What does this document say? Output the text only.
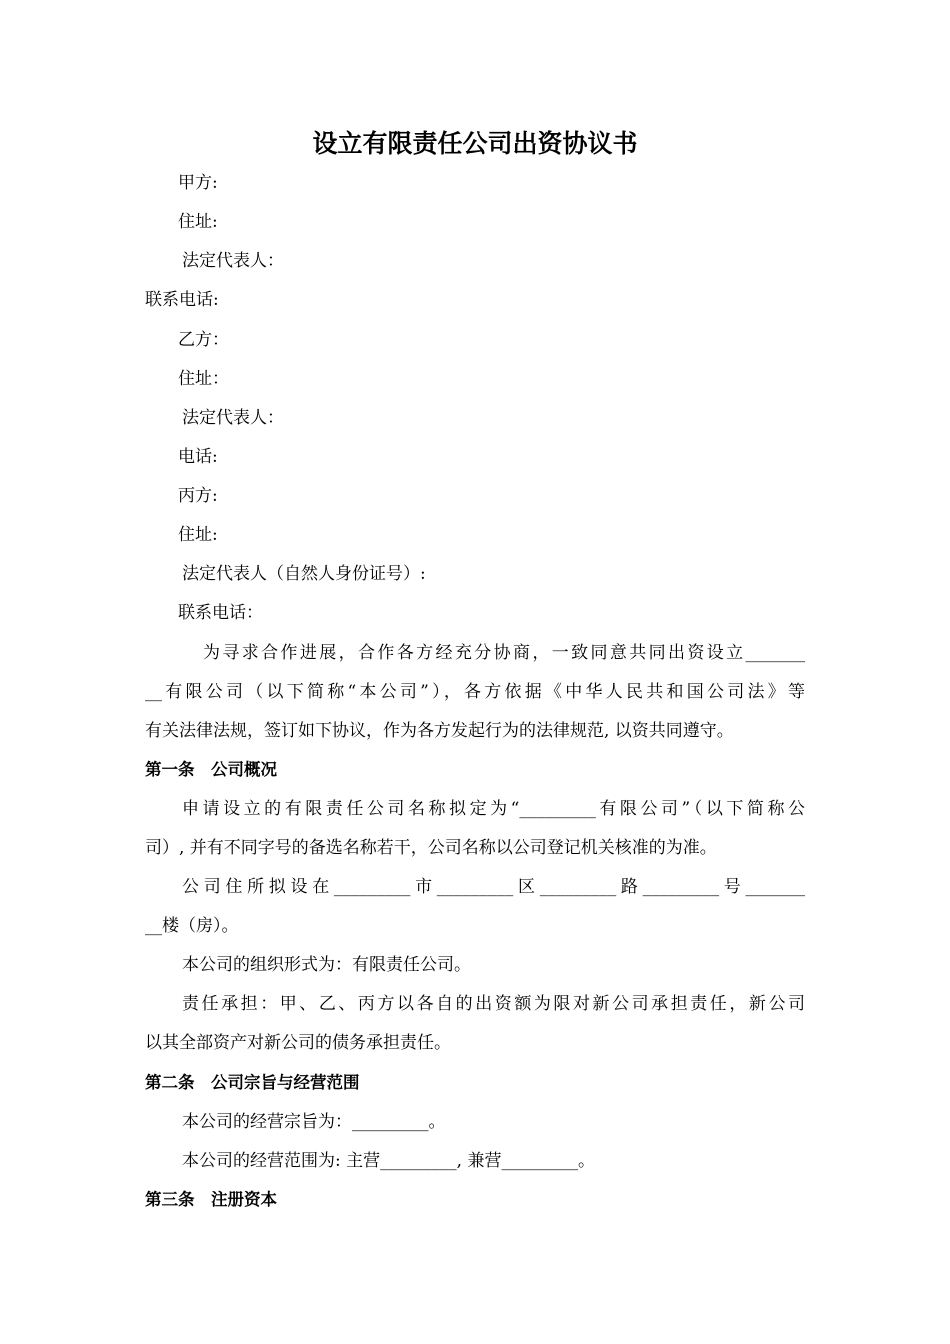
设立有限责任公司出资协议书
甲方:
住址:
法定代表人：
联系电话:
乙方：
住址：
法定代表人：
电话:
丙方:
住址:
法定代表人（自然人身份证号）:
联系电话：
为寻求合作进展，合作各方经充分协商，一致同意共同出资设立_______
__有限公司（以下简称“本公司”），各方依据《中华人民共和国公司法》等
有关法律法规，签订如下协议，作为各方发起行为的法律规范, 以资共同遵守。
第一条　公司概况
申请设立的有限责任公司名称拟定为“_________有限公司”（以下简称公
司）, 并有不同字号的备选名称若干，公司名称以公司登记机关核准的为准。
公司住所拟设在_________市_________区_________路_________号_______
__楼（房）。
本公司的组织形式为：有限责任公司。
责任承担：甲、乙、丙方以各自的出资额为限对新公司承担责任，新公司
以其全部资产对新公司的债务承担责任。
第二条　公司宗旨与经营范围
本公司的经营宗旨为：_________。
本公司的经营范围为: 主营_________, 兼营_________。
第三条　注册资本
